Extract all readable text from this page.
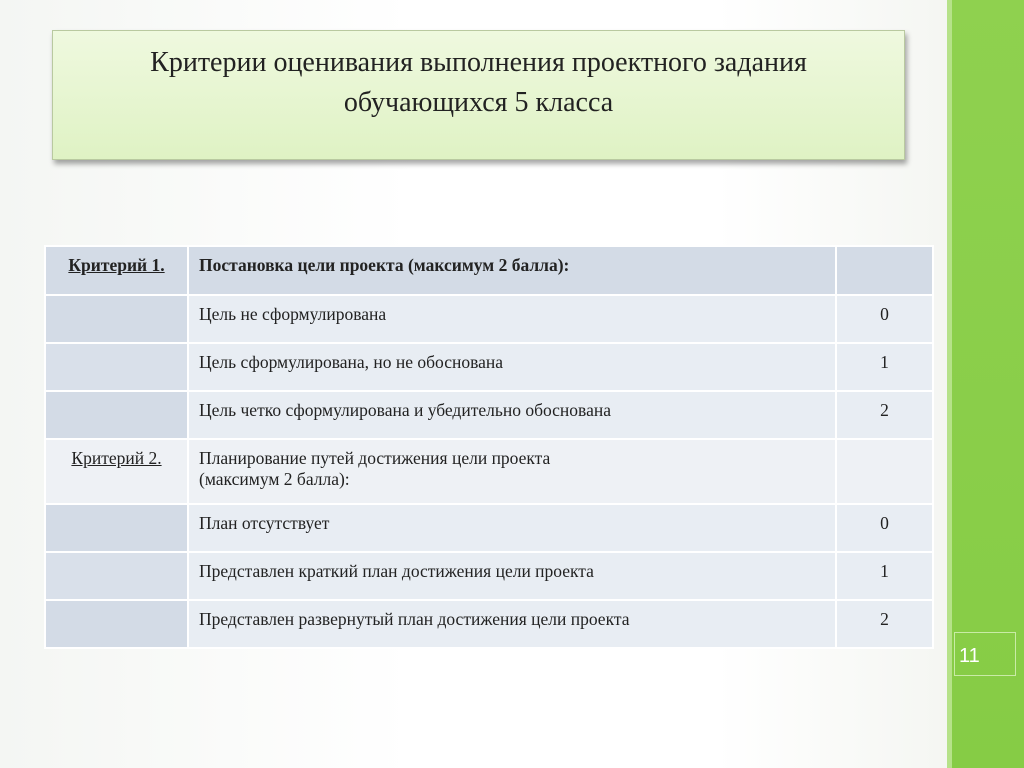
11
Критерии оценивания выполнения проектного задания
обучающихся 5 класса
Критерий 1.	Постановка цели проекта (максимум 2 балла):	
	Цель не сформулирована	0
	Цель сформулирована, но не обоснована	1
	Цель четко сформулирована и убедительно обоснована	2
Критерий 2.	Планирование путей достижения цели проекта
(максимум 2 балла):	

	План отсутствует	0
	Представлен краткий план достижения цели проекта	1
	Представлен развернутый план достижения цели проекта	2
